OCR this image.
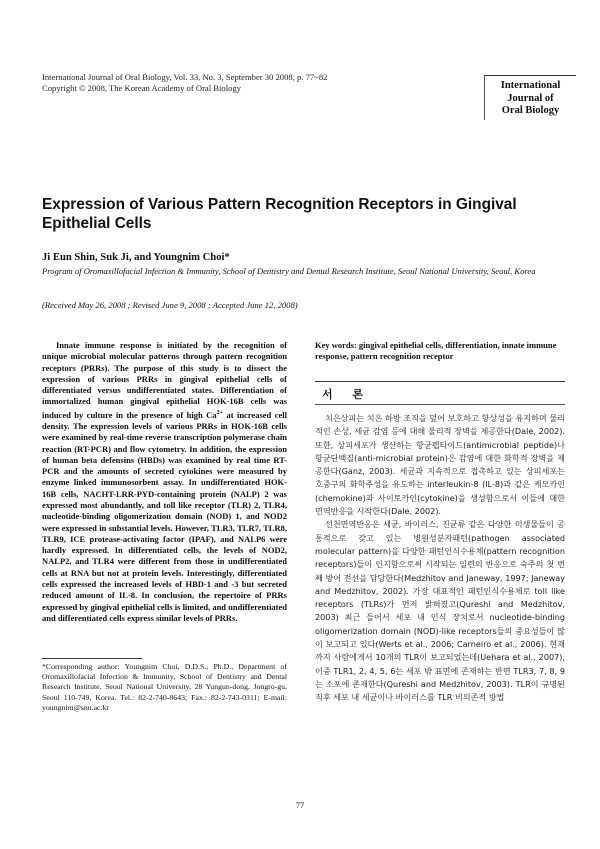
International Journal of Oral Biology, Vol. 33, No. 3, September 30 2008, p. 77~82
Copyright © 2008, The Korean Academy of Oral Biology	International
Journal of
Oral Biology
Expression of Various Pattern Recognition Receptors in Gingival
Epithelial Cells
Ji Eun Shin, Suk Ji, and Youngnim Choi*
Program of Oromaxillofacial Infection & Immunity, School of Dentistry and Dental Research Institute, Seoul National University, Seoul, Korea
(Received May 26, 2008 ; Revised June 9, 2008 ; Accepted June 12, 2008)
Innate immune response is initiated by the recognition of unique microbial molecular patterns through pattern recognition receptors (PRRs). The purpose of this study is to dissect the expression of various PRRs in gingival epithelial cells of differentiated versus undifferentiated states. Differentiation of immortalized human gingival epithelial HOK-16B cells was induced by culture in the presence of high $Ca^{2+}$ at increased cell density. The expression levels of various PRRs in HOK-16B cells were examined by real-time reverse transcription polymerase chain reaction (RT-PCR) and flow cytometry. In addition, the expression of human beta defensins (HBDs) was examined by real time RT-PCR and the amounts of secreted cytokines were measured by enzyme linked immunosorbent assay. In undifferentiated HOK-16B cells, NACHT-LRR-PYD-containing protein (NALP) 2 was expressed most abundantly, and toll like receptor (TLR) 2, TLR4, nucleotide-binding oligomerization domain (NOD) 1, and NOD2 were expressed in substantial levels. However, TLR3, TLR7, TLR8, TLR9, ICE protease-activating factor (IPAF), and NALP6 were hardly expressed. In differentiated cells, the levels of NOD2, NALP2, and TLR4 were different from those in undifferentiated cells at RNA but not at protein levels. Interestingly, differentiated cells expressed the increased levels of HBD-1 and -3 but secreted reduced amount of IL-8. In conclusion, the repertoire of PRRs expressed by gingival epithelial cells is limited, and undifferentiated and differentiated cells express similar levels of PRRs.
*Corresponding author: Youngnim Choi, D.D.S., Ph.D., Department of Oromaxillofacial Infection & Immunity, School of Dentistry and Dental Research Institute, Seoul National University, 28 Yungun-dong, Jongro-gu, Seoul 110-749, Korea. Tel.: 82-2-740-8643; Fax.: 82-2-743-0311; E-mail: youngnim@snu.ac.kr
Key words: gingival epithelial cells, differentiation, innate immune response, pattern recognition receptor
서 론

치은상피는 치은 하방 조직을 덮어 보호하고 항상성을 유지하며 물리적인 손상, 세균 감염 등에 대해 물리적 장벽을 제공한다(Dale, 2002). 또한, 상피세포가 생산하는 항균펩타이드(antimicrobial peptide)나 항균단백질(anti-microbial protein)은 감염에 대한 화학적 장벽을 제공한다(Ganz, 2003). 세균과 지속적으로 접촉하고 있는 상피세포는 호중구의 화학주성을 유도하는 interleukin-8 (IL-8)과 같은 케모카인(chemokine)과 사이토카인(cytokine)을 생성함으로서 이들에 대한 면역반응을 시작한다(Dale, 2002).

선천면역반응은 세균, 바이러스, 진균류 같은 다양한 미생물들이 공통적으로 갖고 있는 병원성분자패턴(pathogen associated molecular pattern)을 다양한 패턴인식수용체(pattern recognition receptors)들이 인지함으로써 시작되는 일련의 반응으로 숙주의 첫 번째 방어 전선을 담당한다(Medzhitov and Janeway, 1997; Janeway and Medzhitov, 2002). 가장 대표적인 패턴인식수용체로 toll like receptors (TLRs)가 먼저 밝혀졌고(Qureshi and Medzhitov, 2003) 최근 들어서 세포 내 인식 장치로서 nucleotide-binding oligomerization domain (NOD)-like receptors들의 중요성들이 많이 보고되고 있다(Werts et al., 2006; Carneiro et al., 2006). 현재까지 사람에게서 10개의 TLR이 보고되었는데(Uehara et al., 2007), 이중 TLR1, 2, 4, 5, 6는 세포 밖 표면에 존재하는 반면 TLR3, 7, 8, 9는 소포에 존재한다(Qureshi and Medzhitov, 2003). TLR이 규명된 직후 세포 내 세균이나 바이러스를 TLR 비의존적 방법

77
